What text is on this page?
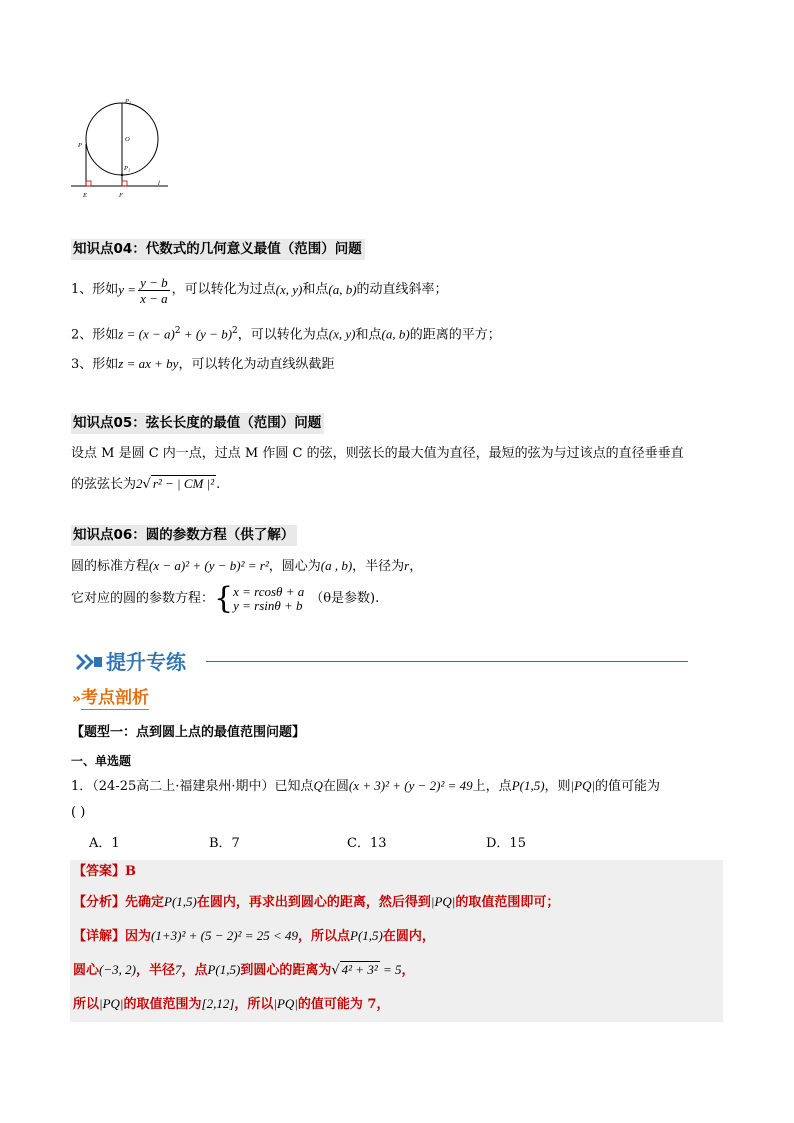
$P_2$
O
P
$P_1$
E	F
l
知识点04：代数式的几何意义最值（范围）问题
1、形如 $y = \frac{y - b}{x - a}$ ，可以转化为过点 (x, y) 和点 (a, b) 的动直线斜率；
2、形如$z = (x - a)^2 + (y - b)^2$，可以转化为点(x, y)和点(a, b)的距离的平方；
3、形如z = ax + by，可以转化为动直线纵截距
知识点05：弦长长度的最值（范围）问题
设点 M 是圆 C 内一点，过点 M 作圆 C 的弦，则弦长的最大值为直径，最短的弦为与过该点的直径垂垂直
的弦弦长为2√ r² − | CM |² .
知识点06：圆的参数方程（供了解）
圆的标准方程(x − a)² + (y − b)² = r²，圆心为(a , b)，半径为r，
它对应的圆的参数方程： { x = rcosθ + a
y = rsinθ + b （θ是参数).
提升专练
» 考点剖析
【题型一：点到圆上点的最值范围问题】
一、单选题
1．（24-25高二上·福建泉州·期中）已知点Q在圆(x + 3)² + (y − 2)² = 49上，点P(1,5)，则|PQ|的值可能为
( )
A．1	B．7	C．13	D．15
【答案】B
【分析】先确定P(1,5)在圆内，再求出到圆心的距离，然后得到|PQ|的取值范围即可；
【详解】因为(1+3)² + (5 − 2)² = 25 < 49，所以点P(1,5)在圆内，
圆心(−3, 2)，半径7，点P(1,5)到圆心的距离为√ 4² + 3² = 5，
所以|PQ|的取值范围为[2,12]，所以|PQ|的值可能为 7，
